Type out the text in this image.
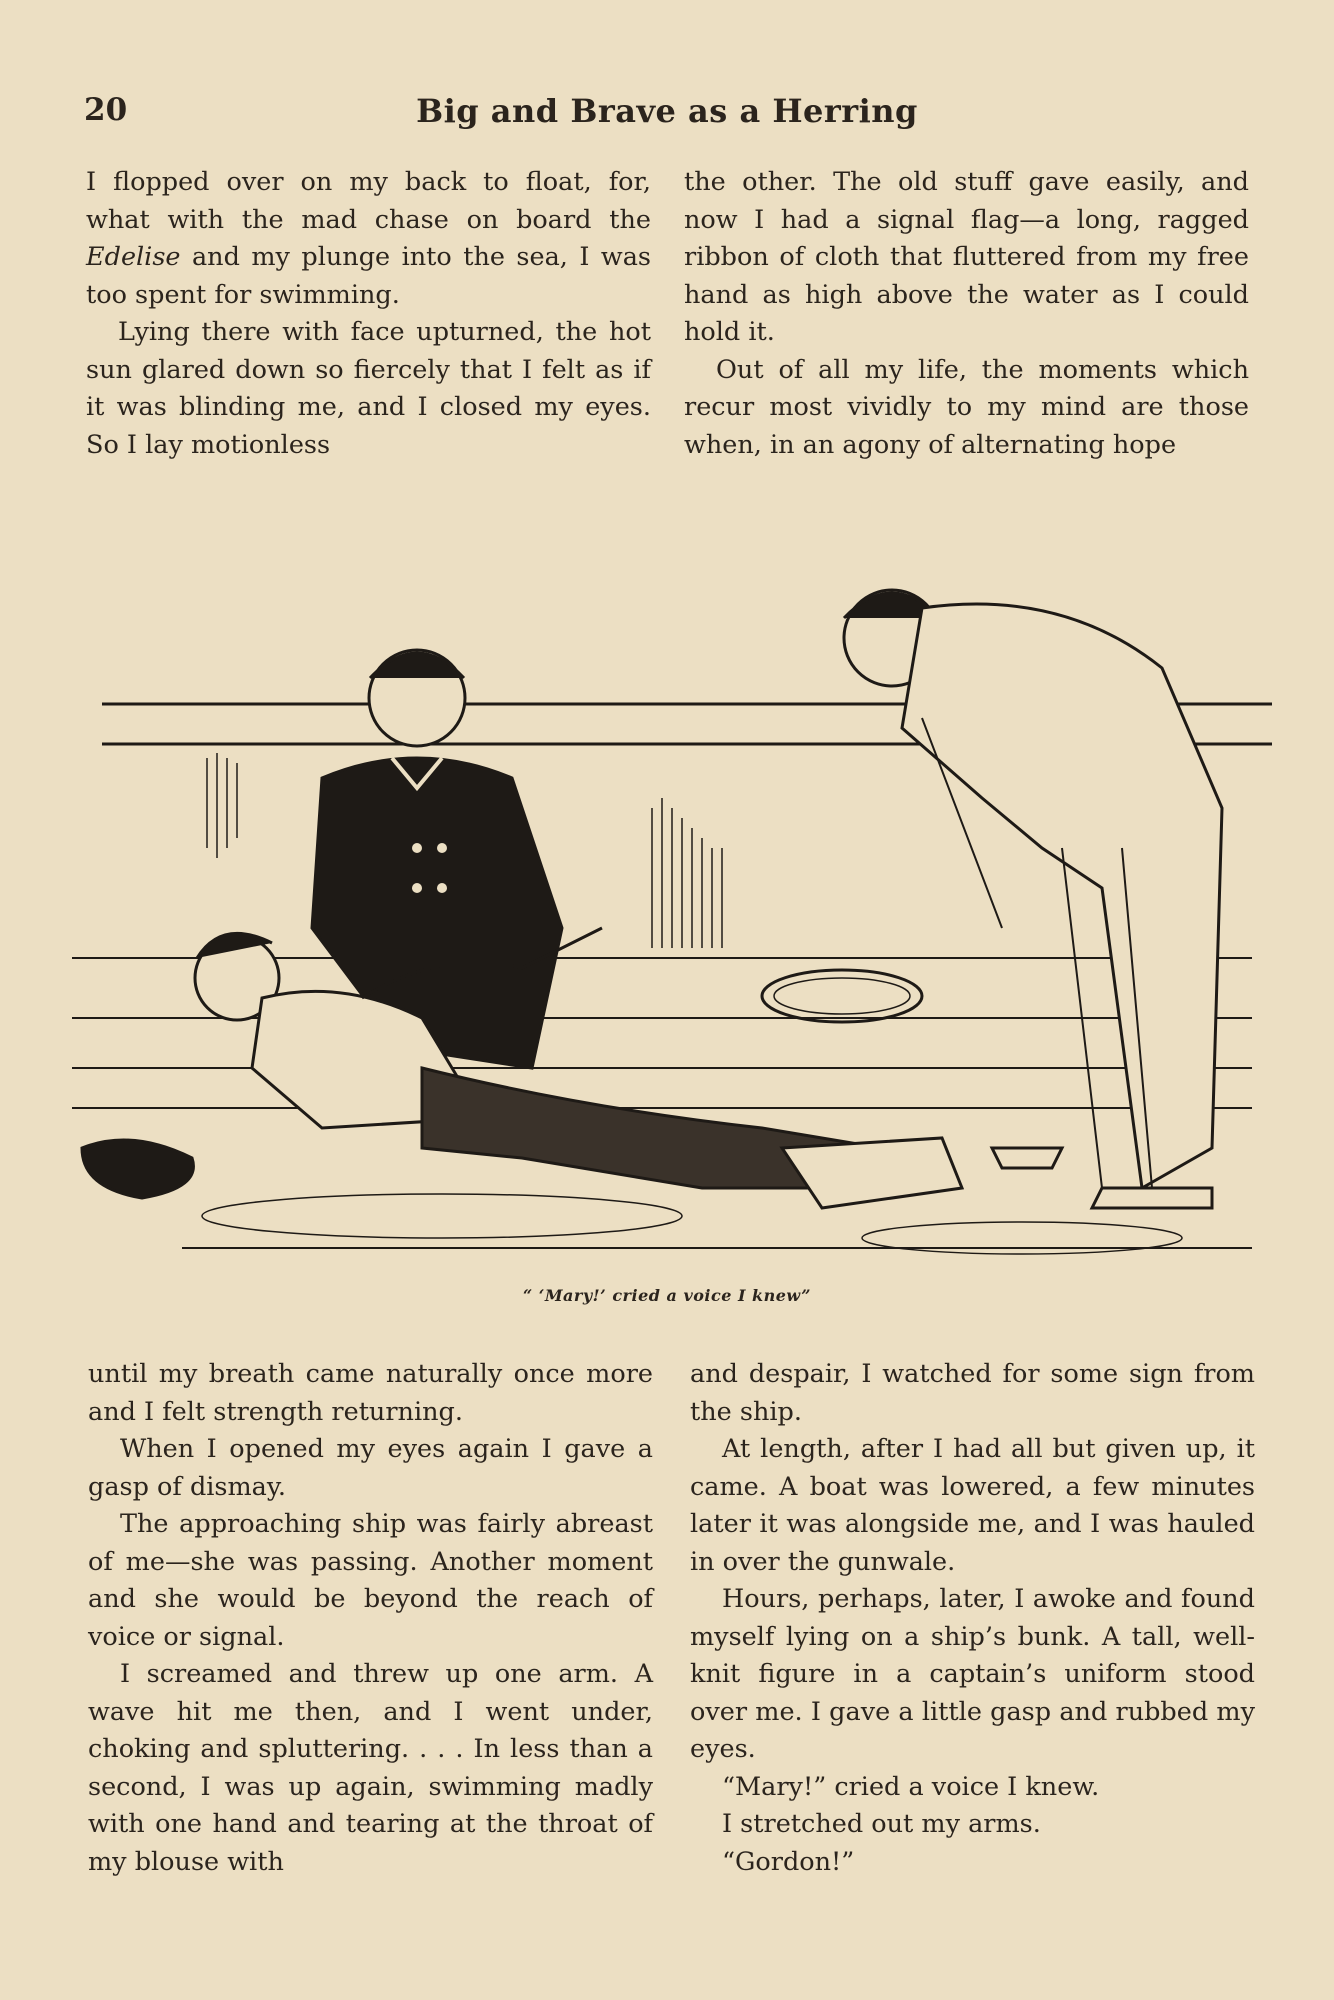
20	Big and Brave as a Herring

I flopped over on my back to float, for, what with the mad chase on board the Edelise and my plunge into the sea, I was too spent for swimming.

Lying there with face upturned, the hot sun glared down so fiercely that I felt as if it was blinding me, and I closed my eyes. So I lay motionless

the other. The old stuff gave easily, and now I had a signal flag—a long, ragged ribbon of cloth that fluttered from my free hand as high above the water as I could hold it.

Out of all my life, the moments which recur most vividly to my mind are those when, in an agony of alternating hope

“ ‘Mary!’ cried a voice I knew”

until my breath came naturally once more and I felt strength returning.

When I opened my eyes again I gave a gasp of dismay.

The approaching ship was fairly abreast of me—she was passing. Another moment and she would be beyond the reach of voice or signal.

I screamed and threw up one arm. A wave hit me then, and I went under, choking and spluttering. . . . In less than a second, I was up again, swimming madly with one hand and tearing at the throat of my blouse with

and despair, I watched for some sign from the ship.

At length, after I had all but given up, it came. A boat was lowered, a few minutes later it was alongside me, and I was hauled in over the gunwale.

Hours, perhaps, later, I awoke and found myself lying on a ship’s bunk. A tall, well-knit figure in a captain’s uniform stood over me. I gave a little gasp and rubbed my eyes.

“Mary!” cried a voice I knew.

I stretched out my arms.

“Gordon!”
